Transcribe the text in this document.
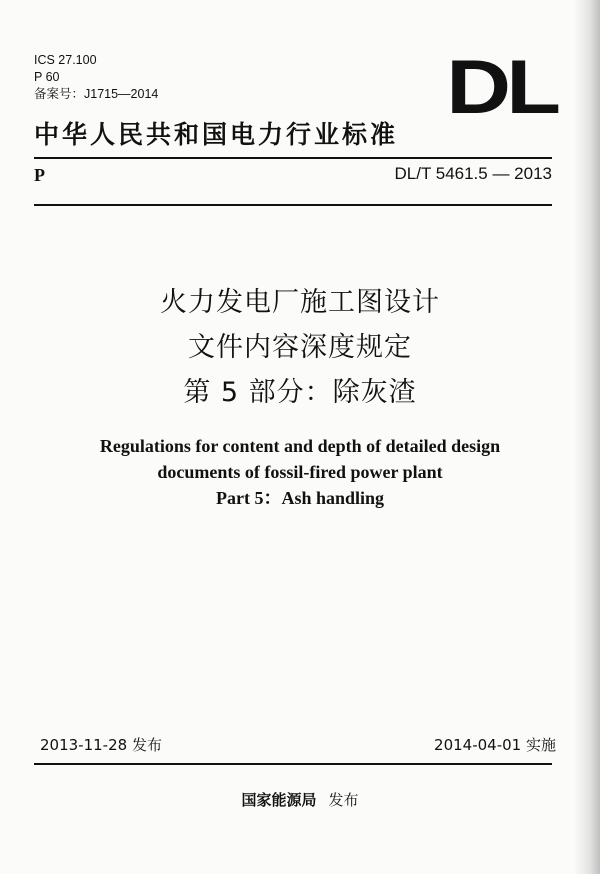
ICS 27.100
P 60
备案号：J1715—2014	DL
中华人民共和国电力行业标准
P	DL/T 5461.5 — 2013
火力发电厂施工图设计
文件内容深度规定
第 5 部分：除灰渣
Regulations for content and depth of detailed design
documents of fossil-fired power plant
Part 5：Ash handling
2013-11-28 发布	2014-04-01 实施
国家能源局 发布
